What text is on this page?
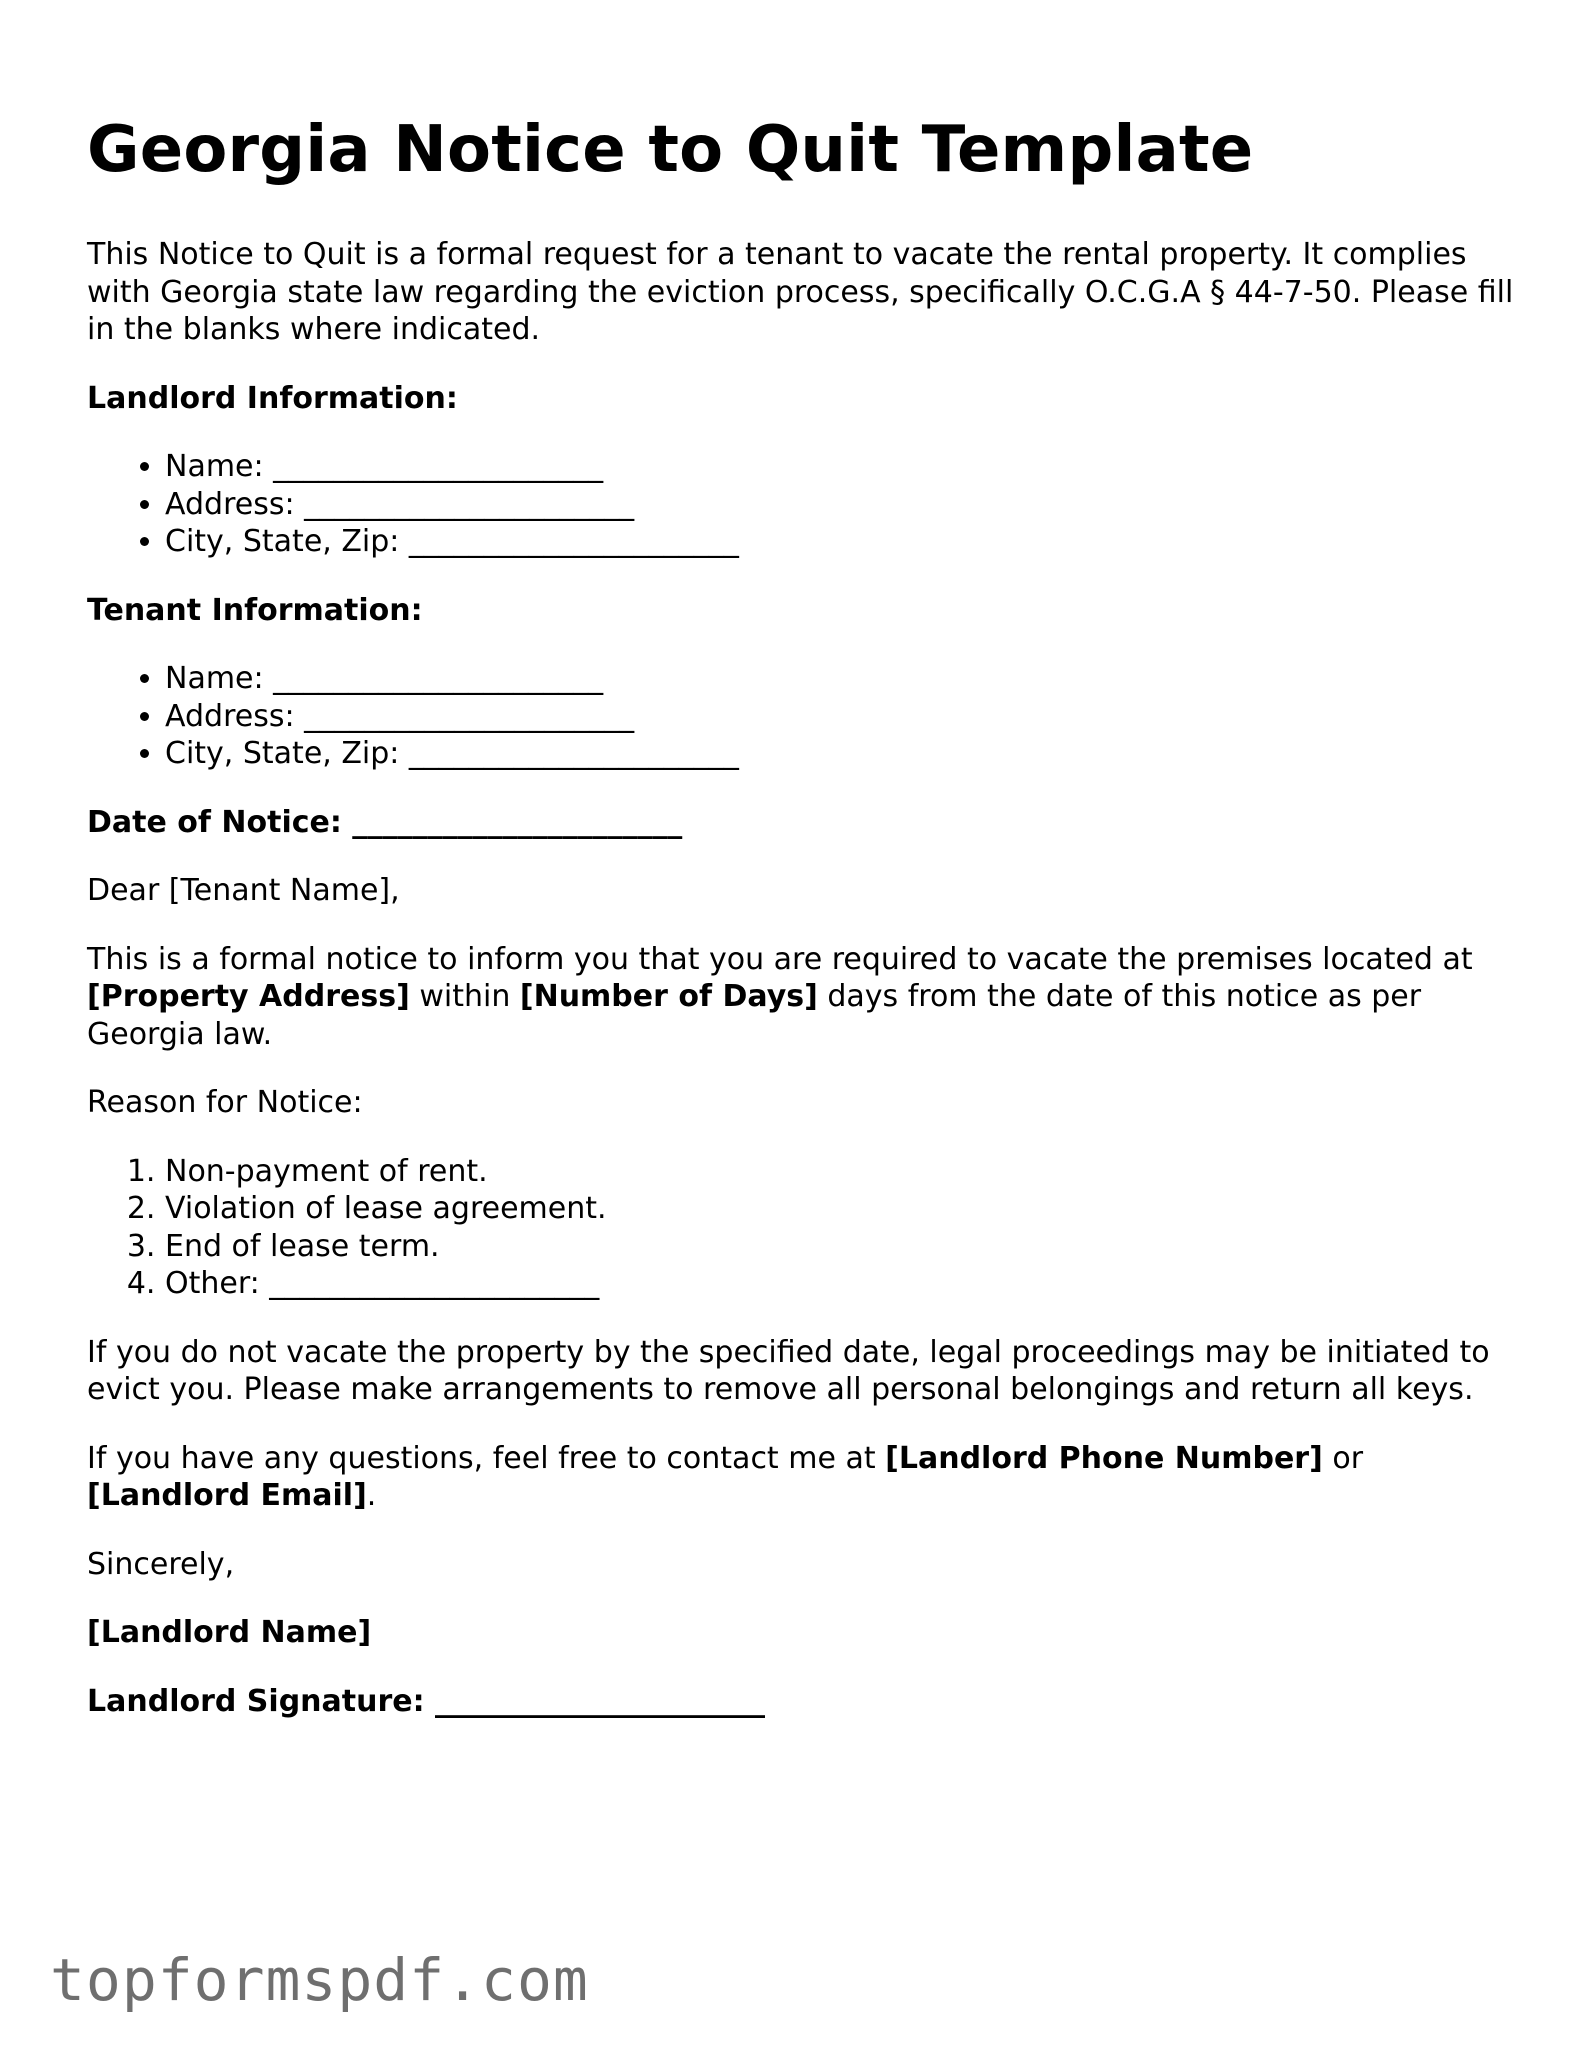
Georgia Notice to Quit Template

This Notice to Quit is a formal request for a tenant to vacate the rental property. It complies with Georgia state law regarding the eviction process, specifically O.C.G.A § 44-7-50. Please fill in the blanks where indicated.

Landlord Information:

• Name: ______________________
• Address: ______________________
• City, State, Zip: ______________________

Tenant Information:

• Name: ______________________
• Address: ______________________
• City, State, Zip: ______________________

Date of Notice: ______________________

Dear [Tenant Name],

This is a formal notice to inform you that you are required to vacate the premises located at [Property Address] within [Number of Days] days from the date of this notice as per Georgia law.

Reason for Notice:

1. Non-payment of rent.
2. Violation of lease agreement.
3. End of lease term.
4. Other: ______________________

If you do not vacate the property by the specified date, legal proceedings may be initiated to evict you. Please make arrangements to remove all personal belongings and return all keys.

If you have any questions, feel free to contact me at [Landlord Phone Number] or [Landlord Email].

Sincerely,

[Landlord Name]

Landlord Signature: ______________________

topformspdf.com
